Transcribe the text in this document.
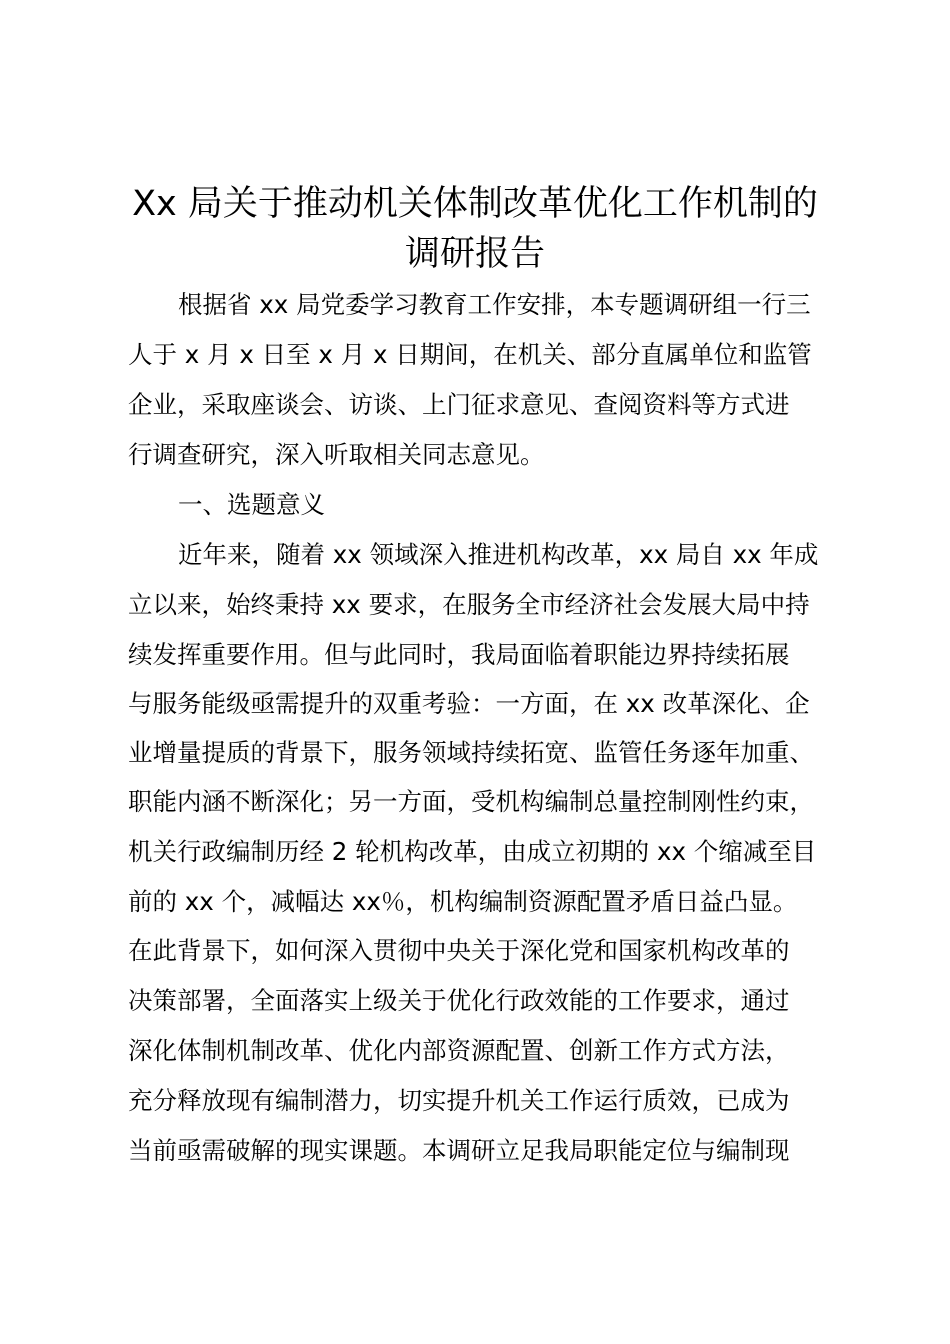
Xx 局关于推动机关体制改革优化工作机制的
调研报告
根据省 xx 局党委学习教育工作安排，本专题调研组一行三
人于 x 月 x 日至 x 月 x 日期间，在机关、部分直属单位和监管
企业，采取座谈会、访谈、上门征求意见、查阅资料等方式进
行调查研究，深入听取相关同志意见。
一、选题意义
近年来，随着 xx 领域深入推进机构改革，xx 局自 xx 年成
立以来，始终秉持 xx 要求，在服务全市经济社会发展大局中持
续发挥重要作用。但与此同时，我局面临着职能边界持续拓展
与服务能级亟需提升的双重考验：一方面，在 xx 改革深化、企
业增量提质的背景下，服务领域持续拓宽、监管任务逐年加重、
职能内涵不断深化；另一方面，受机构编制总量控制刚性约束，
机关行政编制历经 2 轮机构改革，由成立初期的 xx 个缩减至目
前的 xx 个，减幅达 xx％，机构编制资源配置矛盾日益凸显。
在此背景下，如何深入贯彻中央关于深化党和国家机构改革的
决策部署，全面落实上级关于优化行政效能的工作要求，通过
深化体制机制改革、优化内部资源配置、创新工作方式方法，
充分释放现有编制潜力，切实提升机关工作运行质效，已成为
当前亟需破解的现实课题。本调研立足我局职能定位与编制现
